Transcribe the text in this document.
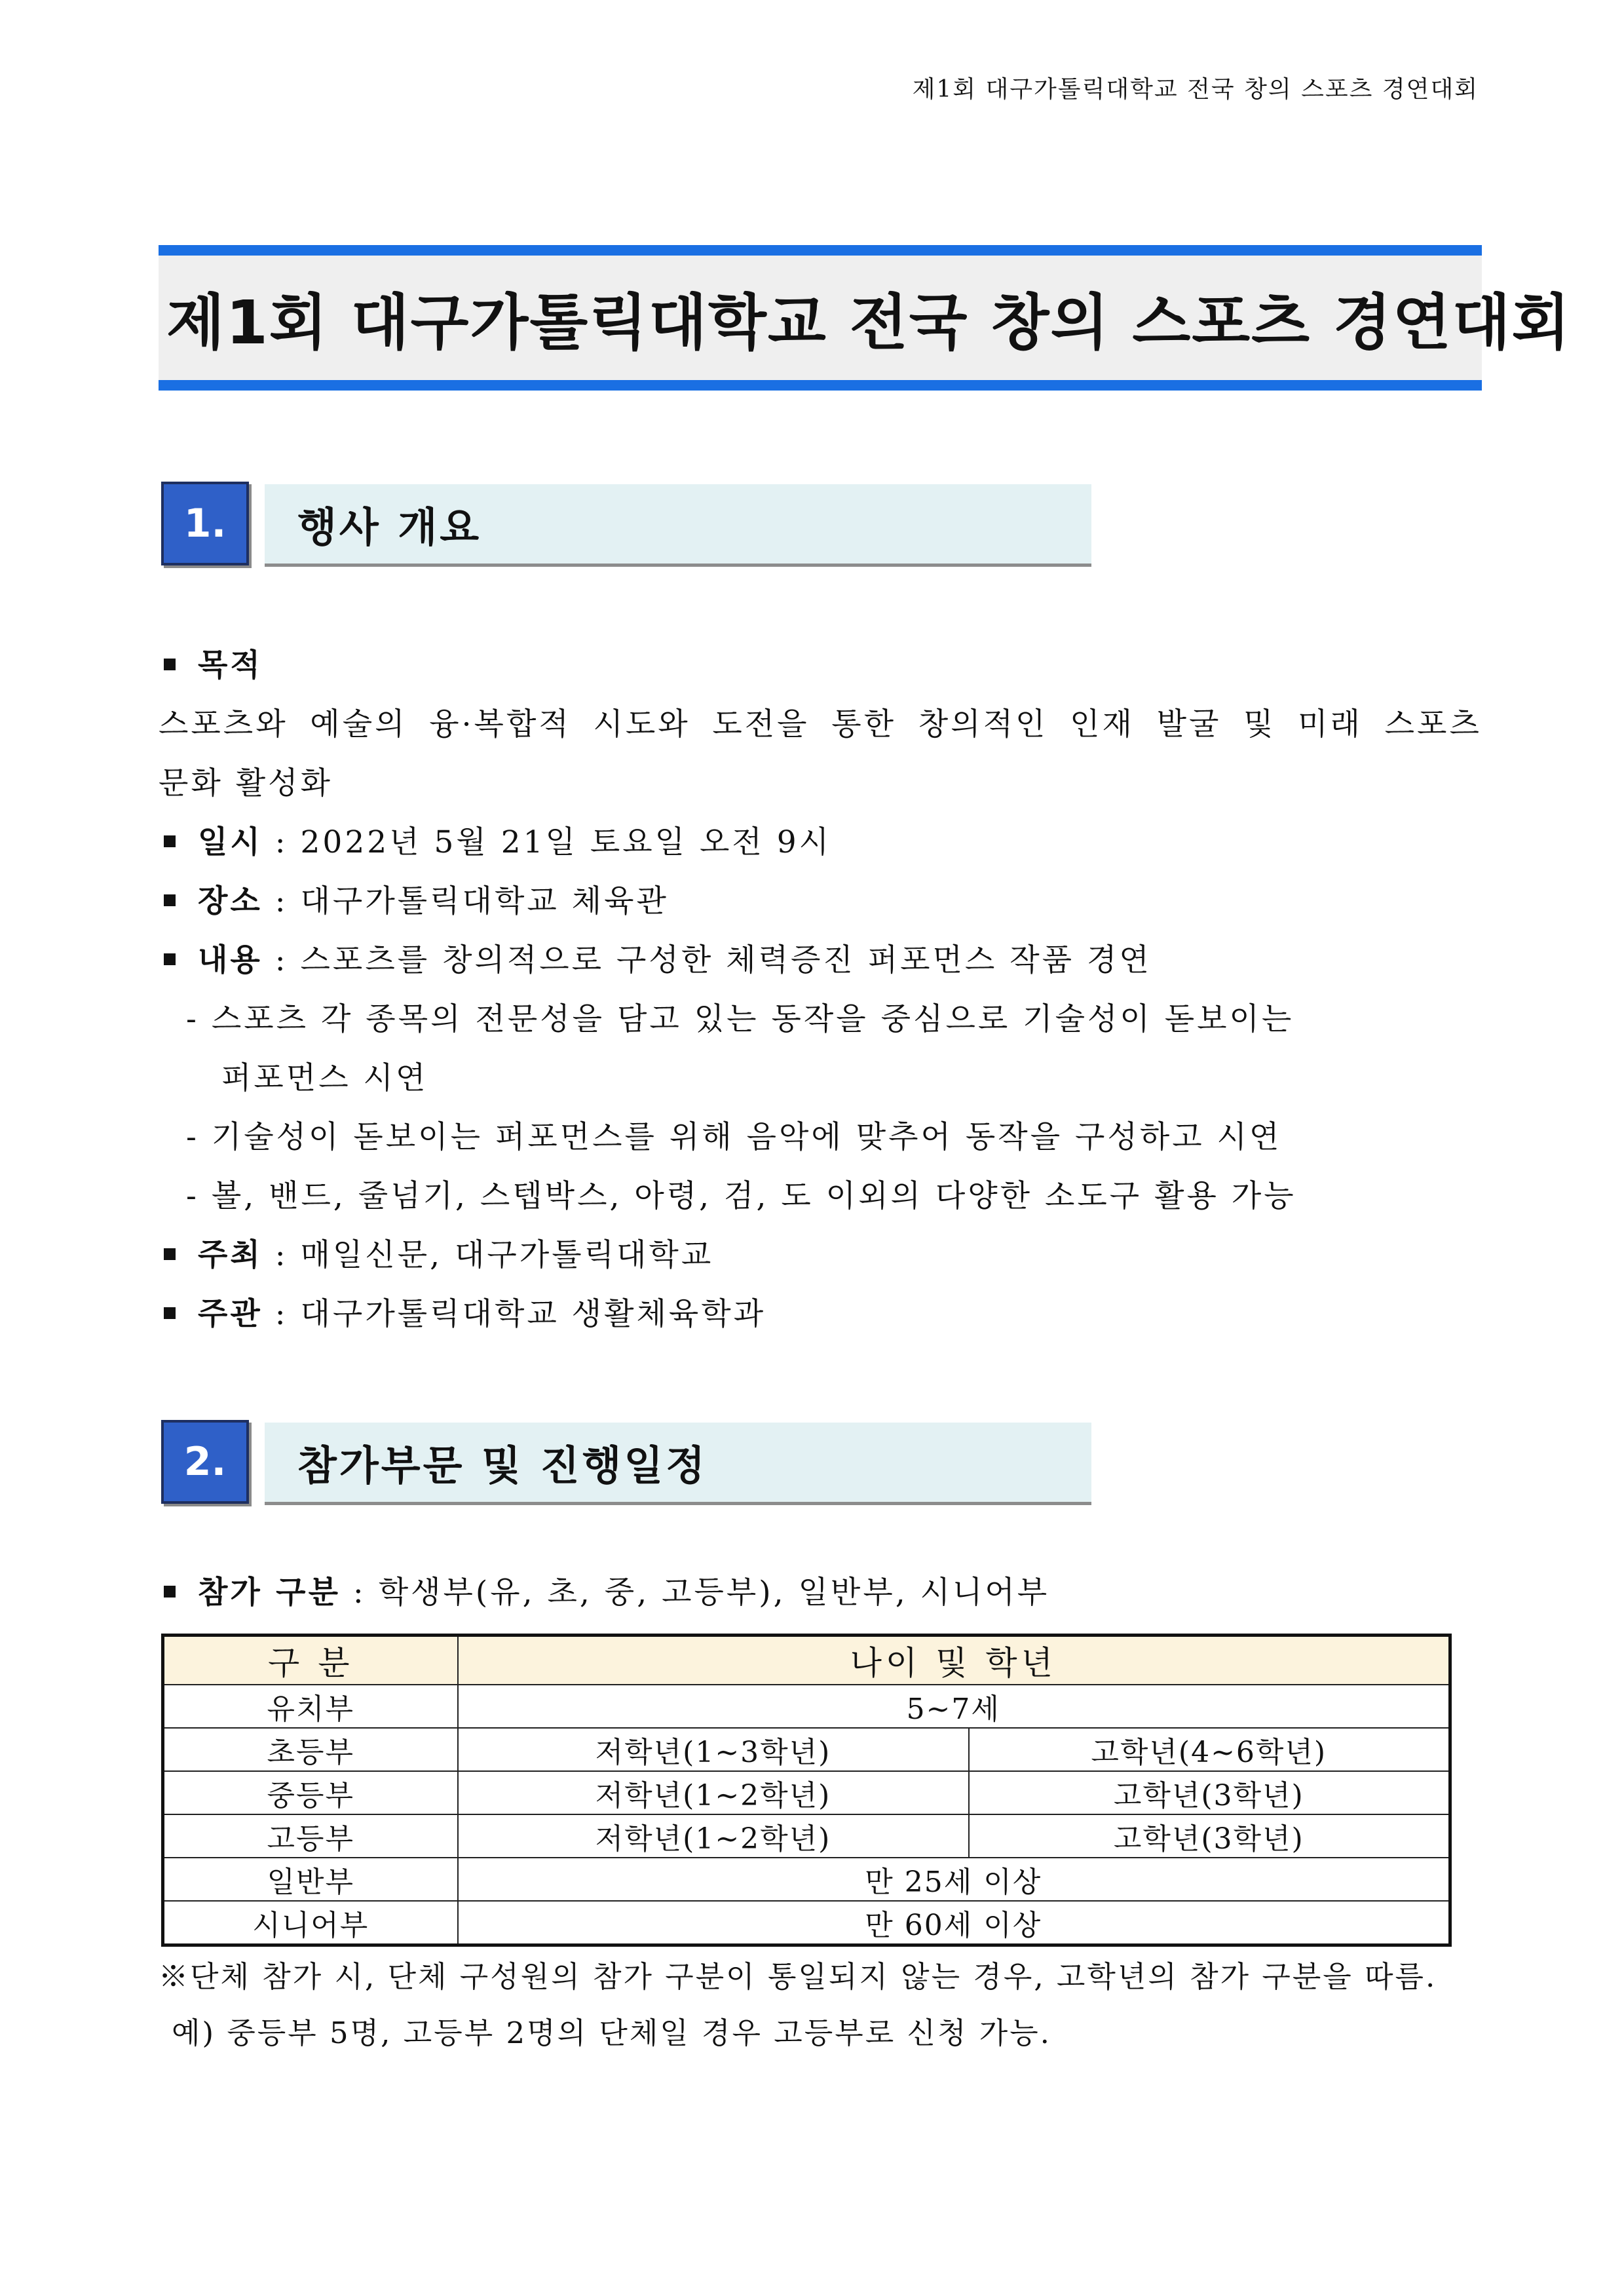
제1회 대구가톨릭대학교 전국 창의 스포츠 경연대회
제1회 대구가톨릭대학교 전국 창의 스포츠 경연대회
1.	행사 개요
목적
스포츠와 예술의 융·복합적 시도와 도전을 통한 창의적인 인재 발굴 및 미래 스포츠
문화 활성화
일시 : 2022년 5월 21일 토요일 오전 9시
장소 : 대구가톨릭대학교 체육관
내용 : 스포츠를 창의적으로 구성한 체력증진 퍼포먼스 작품 경연
- 스포츠 각 종목의 전문성을 담고 있는 동작을 중심으로 기술성이 돋보이는
퍼포먼스 시연
- 기술성이 돋보이는 퍼포먼스를 위해 음악에 맞추어 동작을 구성하고 시연
- 볼, 밴드, 줄넘기, 스텝박스, 아령, 검, 도 이외의 다양한 소도구 활용 가능
주최 : 매일신문, 대구가톨릭대학교
주관 : 대구가톨릭대학교 생활체육학과
2.	참가부문 및 진행일정
참가 구분 : 학생부(유, 초, 중, 고등부), 일반부, 시니어부
구 분	나이 및 학년	
유치부	5~7세	
초등부	저학년(1~3학년)	고학년(4~6학년)
중등부	저학년(1~2학년)	고학년(3학년)
고등부	저학년(1~2학년)	고학년(3학년)
일반부	만 25세 이상	
시니어부	만 60세 이상	
※단체 참가 시, 단체 구성원의 참가 구분이 통일되지 않는 경우, 고학년의 참가 구분을 따름.
예) 중등부 5명, 고등부 2명의 단체일 경우 고등부로 신청 가능.
